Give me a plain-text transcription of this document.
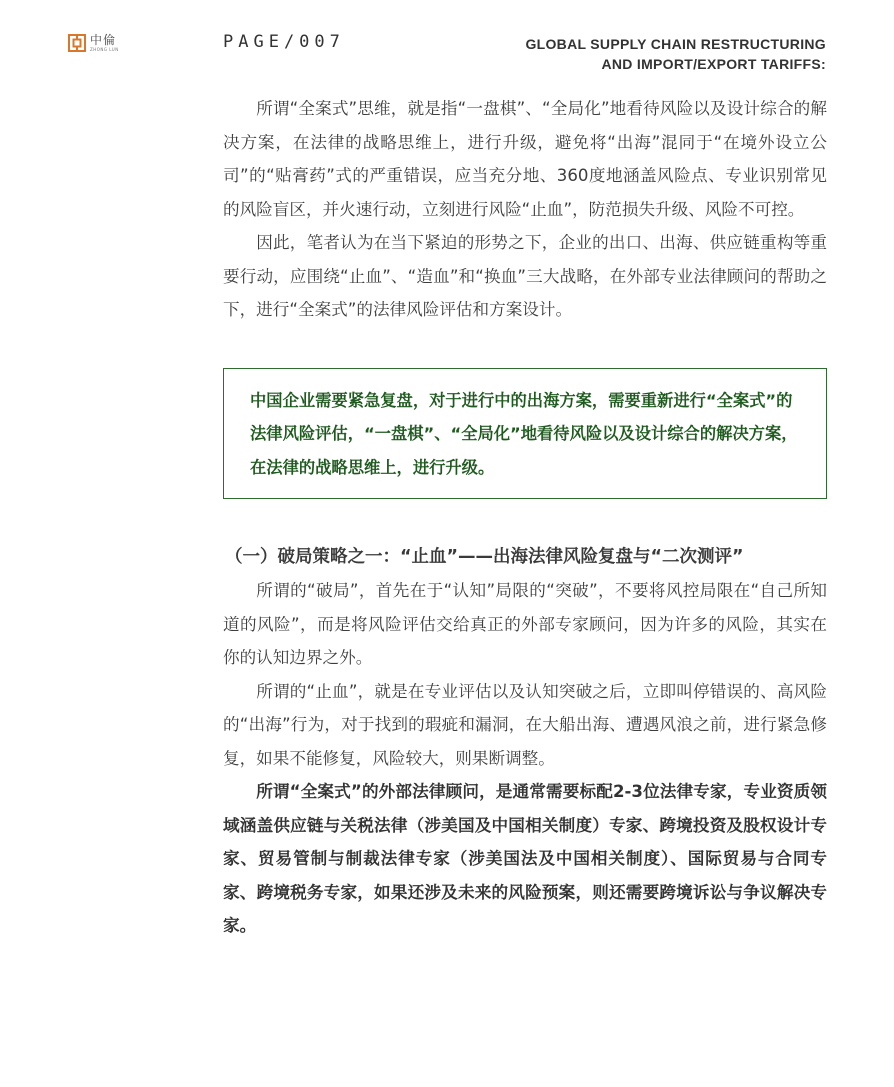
中倫
ZHONG LUN	PAGE/007	GLOBAL SUPPLY CHAIN RESTRUCTURING
AND IMPORT/EXPORT TARIFFS:

所谓“全案式”思维，就是指“一盘棋”、“全局化”地看待风险以及设计综合的解决方案，在法律的战略思维上，进行升级，避免将“出海”混同于“在境外设立公司”的“贴膏药”式的严重错误，应当充分地、360度地涵盖风险点、专业识别常见的风险盲区，并火速行动，立刻进行风险“止血”，防范损失升级、风险不可控。

因此，笔者认为在当下紧迫的形势之下，企业的出口、出海、供应链重构等重要行动，应围绕“止血”、“造血”和“换血”三大战略，在外部专业法律顾问的帮助之下，进行“全案式”的法律风险评估和方案设计。

中国企业需要紧急复盘，对于进行中的出海方案，需要重新进行“全案式”的法律风险评估，“一盘棋”、“全局化”地看待风险以及设计综合的解决方案，在法律的战略思维上，进行升级。
（一）破局策略之一：“止血”——出海法律风险复盘与“二次测评”

所谓的“破局”，首先在于“认知”局限的“突破”，不要将风控局限在“自己所知道的风险”，而是将风险评估交给真正的外部专家顾问，因为许多的风险，其实在你的认知边界之外。

所谓的“止血”，就是在专业评估以及认知突破之后，立即叫停错误的、高风险的“出海”行为，对于找到的瑕疵和漏洞，在大船出海、遭遇风浪之前，进行紧急修复，如果不能修复，风险较大，则果断调整。

所谓“全案式”的外部法律顾问，是通常需要标配2-3位法律专家，专业资质领域涵盖供应链与关税法律（涉美国及中国相关制度）专家、跨境投资及股权设计专家、贸易管制与制裁法律专家（涉美国法及中国相关制度）、国际贸易与合同专家、跨境税务专家，如果还涉及未来的风险预案，则还需要跨境诉讼与争议解决专家。
